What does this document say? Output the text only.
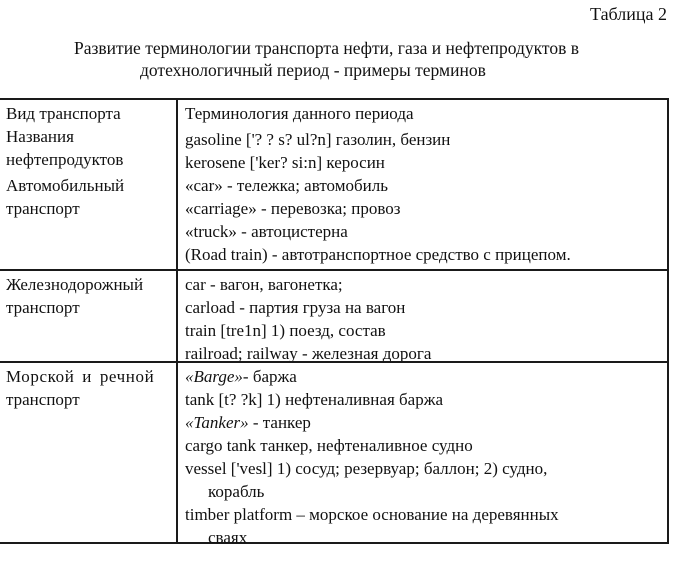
Таблица 2
Развитие терминологии транспорта нефти, газа и нефтепродуктов в
дотехнологичный период - примеры терминов
Вид транспорта
Названия
нефтепродуктов
Автомобильный
транспорт
Терминология данного периода
gasoline ['? ? s? ul?n] газолин, бензин
kerosene ['ker? si:n] керосин
«car» - тележка; автомобиль
«carriage» - перевозка; провоз
«truck» - автоцистерна
(Road train) - автотранспортное средство с прицепом.
Железнодорожный
транспорт
car - вагон, вагонетка;
carload - партия груза на вагон
train [tre1n] 1) поезд, состав
railroad; railway - железная дорога
Морской и речной
транспорт
«Barge»- баржа
tank [t? ?k] 1) нефтеналивная баржа
«Tanker» - танкер
cargo tank танкер, нефтеналивное судно
vessel ['vesl] 1) сосуд; резервуар; баллон; 2) судно,
корабль
timber platform – морское основание на деревянных
сваях
